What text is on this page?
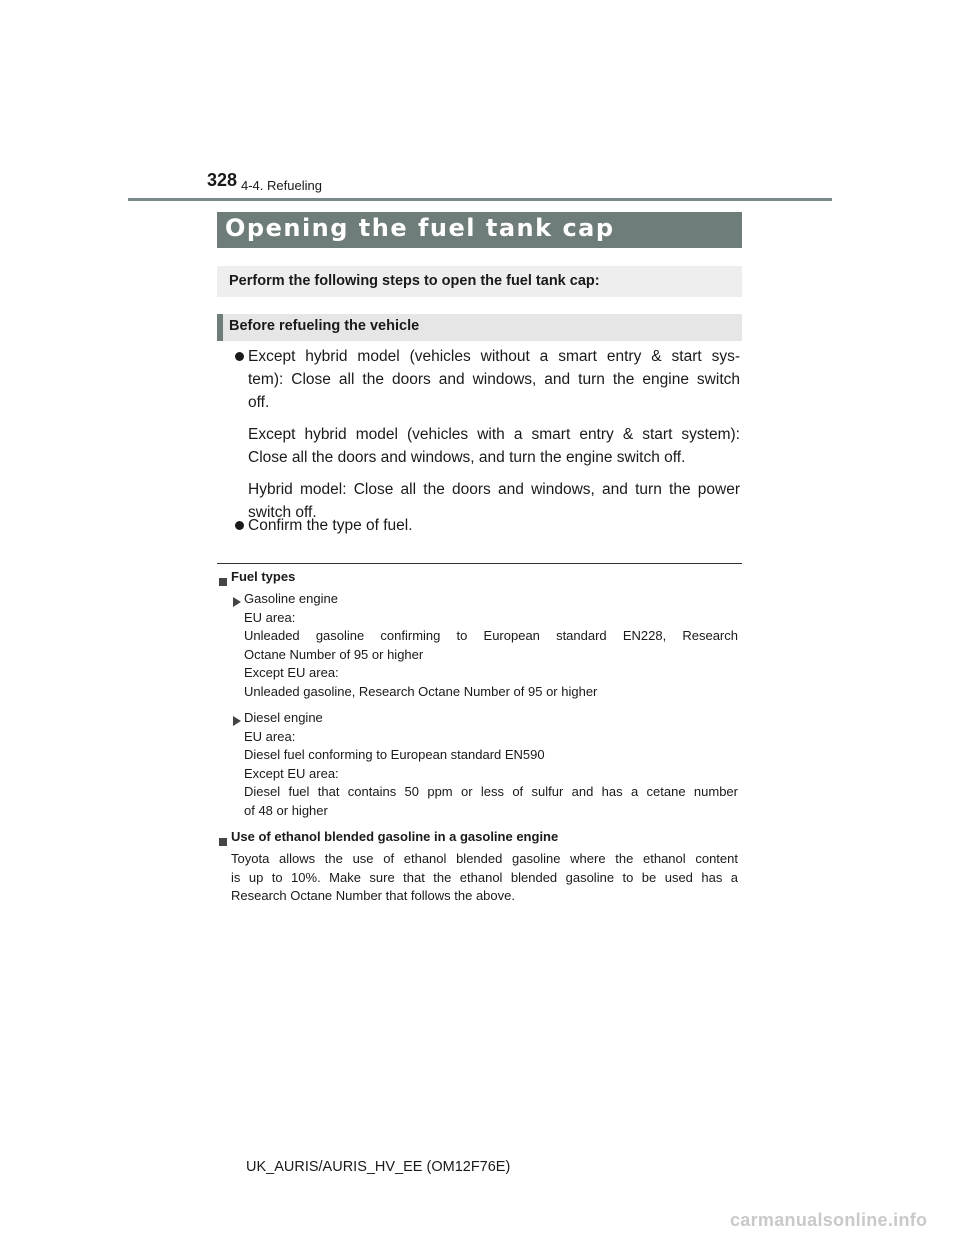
328 4-4. Refueling
Opening the fuel tank cap
Perform the following steps to open the fuel tank cap:
Before refueling the vehicle
Except hybrid model (vehicles without a smart entry & start sys-
tem): Close all the doors and windows, and turn the engine switch
off.
Except hybrid model (vehicles with a smart entry & start system):
Close all the doors and windows, and turn the engine switch off.
Hybrid model: Close all the doors and windows, and turn the power
switch off.
Confirm the type of fuel.
Fuel types
Gasoline engine
EU area:
Unleaded gasoline confirming to European standard EN228, Research
Octane Number of 95 or higher
Except EU area:
Unleaded gasoline, Research Octane Number of 95 or higher
Diesel engine
EU area:
Diesel fuel conforming to European standard EN590
Except EU area:
Diesel fuel that contains 50 ppm or less of sulfur and has a cetane number
of 48 or higher
Use of ethanol blended gasoline in a gasoline engine
Toyota allows the use of ethanol blended gasoline where the ethanol content
is up to 10%. Make sure that the ethanol blended gasoline to be used has a
Research Octane Number that follows the above.
UK_AURIS/AURIS_HV_EE (OM12F76E)
carmanualsonline.info
